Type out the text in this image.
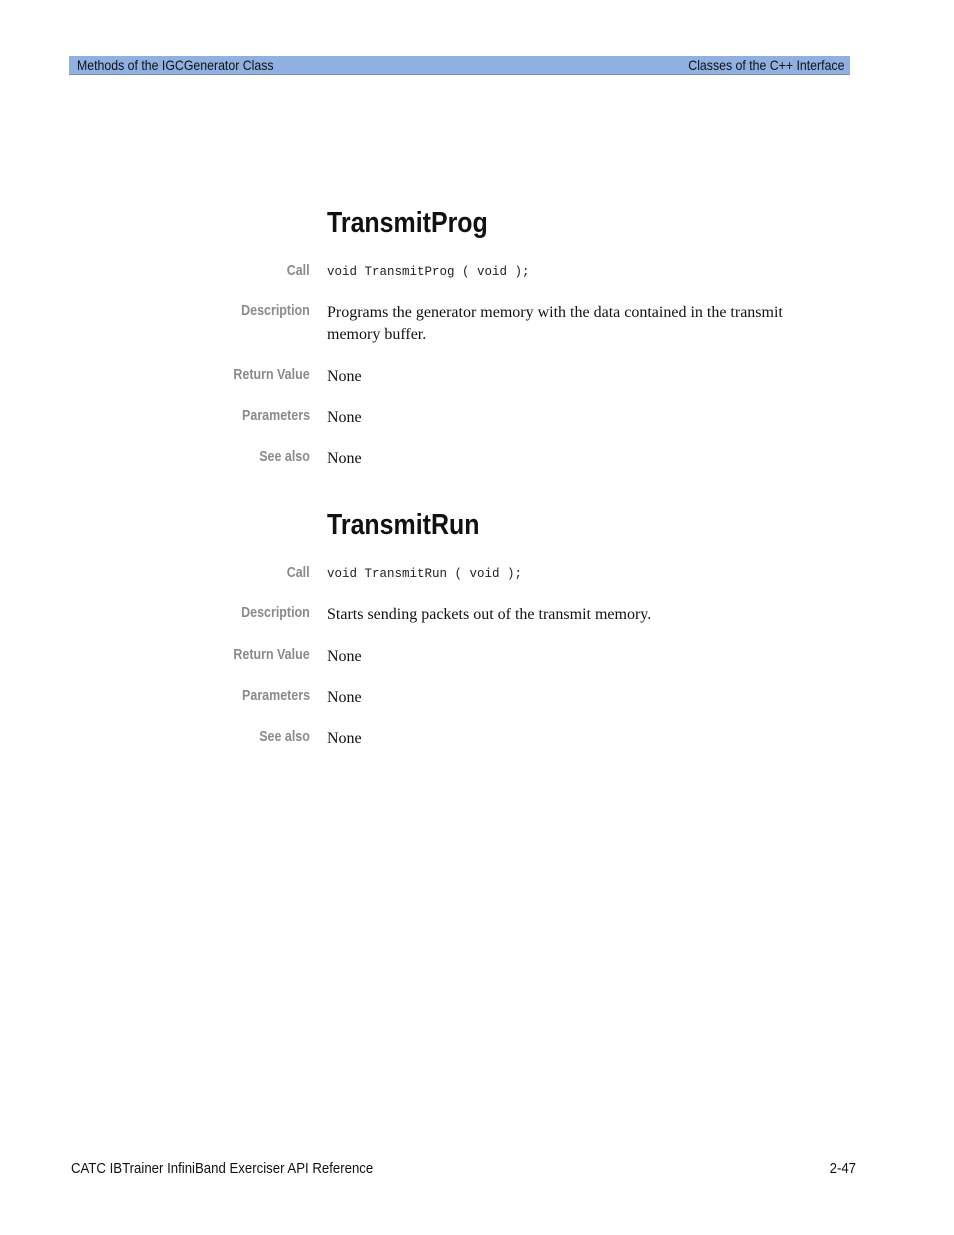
Methods of the IGCGenerator Class	Classes of the C++ Interface
TransmitProg
Call void TransmitProg ( void );
Description Programs the generator memory with the data contained in the transmit memory buffer.
Return Value None
Parameters None
See also None
TransmitRun
Call void TransmitRun ( void );
Description Starts sending packets out of the transmit memory.
Return Value None
Parameters None
See also None
CATC IBTrainer InfiniBand Exerciser API Reference	2-47
